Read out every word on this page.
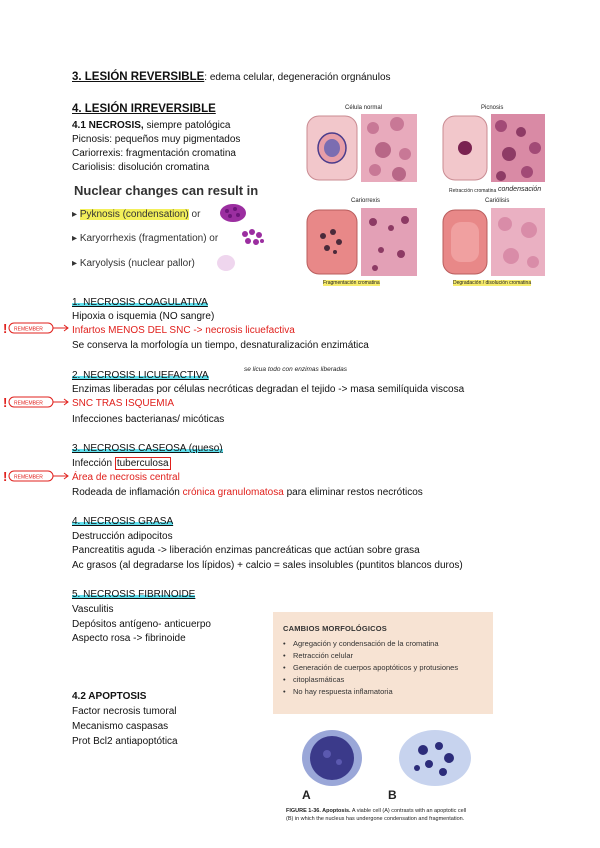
3. LESIÓN REVERSIBLE: edema celular, degeneración orgnánulos
4. LESIÓN IRREVERSIBLE
4.1 NECROSIS, siempre patológica
Picnosis: pequeños muy pigmentados
Cariorrexis: fragmentación cromatina
Cariolisis: disolución cromatina
Nuclear changes can result in
▸ Pyknosis (condensation) or
▸ Karyorrhexis (fragmentation) or
▸ Karyolysis (nuclear pallor)
Célula normal	Picnosis
Retracción cromatina condensación
Cariorrexis	Cariólisis
Fragmentación cromatina	Degradación / disolución cromatina
1. NECROSIS COAGULATIVA
Hipoxia o isquemia (NO sangre)
! REMEMBER	Infartos MENOS DEL SNC -> necrosis licuefactiva
Se conserva la morfología un tiempo, desnaturalización enzimática
2. NECROSIS LICUEFACTIVA
se licua todo con enzimas liberadas
Enzimas liberadas por células necróticas degradan el tejido -> masa semilíquida viscosa
! REMEMBER	SNC TRAS ISQUEMIA
Infecciones bacterianas/ micóticas
3. NECROSIS CASEOSA (queso)
Infección tuberculosa
! REMEMBER	Área de necrosis central
Rodeada de inflamación crónica granulomatosa para eliminar restos necróticos
4. NECROSIS GRASA
Destrucción adipocitos
Pancreatitis aguda -> liberación enzimas pancreáticas que actúan sobre grasa
Ac grasos (al degradarse los lípidos) + calcio = sales insolubles (puntitos blancos duros)
5. NECROSIS FIBRINOIDE
Vasculitis
Depósitos antígeno- anticuerpo
Aspecto rosa -> fibrinoide
CAMBIOS MORFOLÓGICOS
• Agregación y condensación de la cromatina
• Retracción celular
• Generación de cuerpos apoptóticos y protusiones
• citoplasmáticas
• No hay respuesta inflamatoria
4.2 APOPTOSIS
Factor necrosis tumoral
Mecanismo caspasas
Prot Bcl2 antiapoptótica
A	B
FIGURE 1-36. Apoptosis. A viable cell (A) contrasts with an apoptotic cell
(B) in which the nucleus has undergone condensation and fragmentation.
